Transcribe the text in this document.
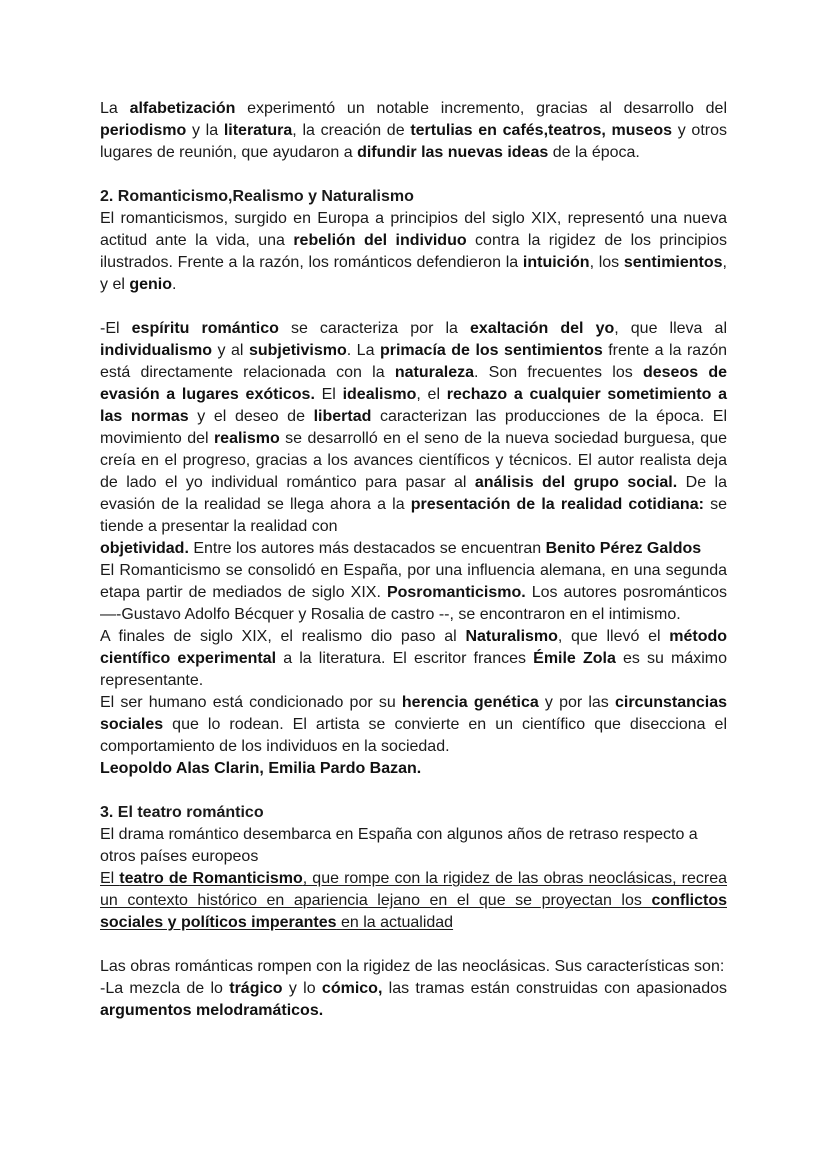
La alfabetización experimentó un notable incremento, gracias al desarrollo del periodismo y la literatura, la creación de tertulias en cafés,teatros, museos y otros lugares de reunión, que ayudaron a difundir las nuevas ideas de la época.

2. Romanticismo,Realismo y Naturalismo

El romanticismos, surgido en Europa a principios del siglo XIX, representó una nueva actitud ante la vida, una rebelión del individuo contra la rigidez de los principios ilustrados. Frente a la razón, los románticos defendieron la intuición, los sentimientos, y el genio.

-El espíritu romántico se caracteriza por la exaltación del yo, que lleva al individualismo y al subjetivismo. La primacía de los sentimientos frente a la razón está directamente relacionada con la naturaleza. Son frecuentes los deseos de evasión a lugares exóticos. El idealismo, el rechazo a cualquier sometimiento a las normas y el deseo de libertad caracterizan las producciones de la época. El movimiento del realismo se desarrolló en el seno de la nueva sociedad burguesa, que creía en el progreso, gracias a los avances científicos y técnicos. El autor realista deja de lado el yo individual romántico para pasar al análisis del grupo social. De la evasión de la realidad se llega ahora a la presentación de la realidad cotidiana: se tiende a presentar la realidad con

objetividad. Entre los autores más destacados se encuentran Benito Pérez Galdos

El Romanticismo se consolidó en España, por una influencia alemana, en una segunda etapa partir de mediados de siglo XIX. Posromanticismo. Los autores posrománticos —-Gustavo Adolfo Bécquer y Rosalia de castro --, se encontraron en el intimismo.

A finales de siglo XIX, el realismo dio paso al Naturalismo, que llevó el método científico experimental a la literatura. El escritor frances Émile Zola es su máximo representante.

El ser humano está condicionado por su herencia genética y por las circunstancias sociales que lo rodean. El artista se convierte en un científico que disecciona el comportamiento de los individuos en la sociedad.

Leopoldo Alas Clarin, Emilia Pardo Bazan.

3. El teatro romántico

El drama romántico desembarca en España con algunos años de retraso respecto a otros países europeos

El teatro de Romanticismo, que rompe con la rigidez de las obras neoclásicas, recrea un contexto histórico en apariencia lejano en el que se proyectan los conflictos sociales y políticos imperantes en la actualidad

Las obras románticas rompen con la rigidez de las neoclásicas. Sus características son:

-La mezcla de lo trágico y lo cómico, las tramas están construidas con apasionados argumentos melodramáticos.
